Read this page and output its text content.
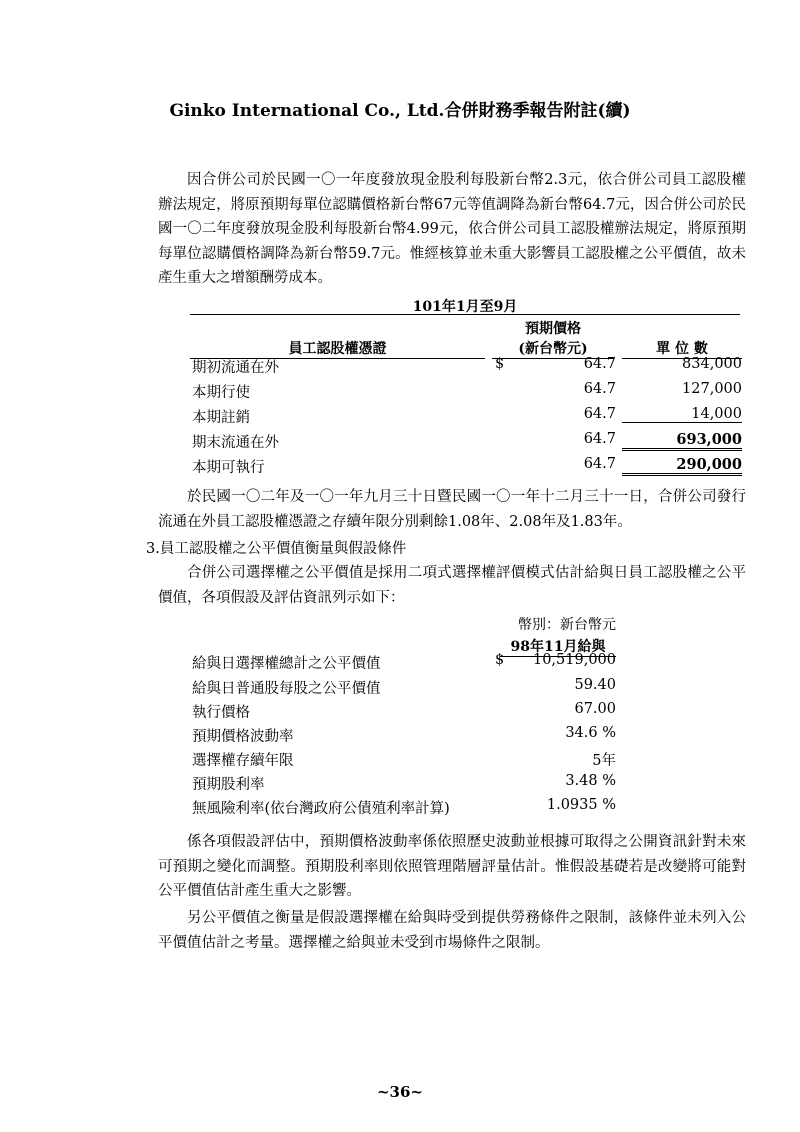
Ginko International Co., Ltd.合併財務季報告附註(續)

因合併公司於民國一〇一年度發放現金股利每股新台幣2.3元，依合併公司員工認股權辦法規定，將原預期每單位認購價格新台幣67元等值調降為新台幣64.7元，因合併公司於民國一〇二年度發放現金股利每股新台幣4.99元，依合併公司員工認股權辦法規定，將原預期每單位認購價格調降為新台幣59.7元。惟經核算並未重大影響員工認股權之公平價值，故未產生重大之增額酬勞成本。

101年1月至9月
員工認股權憑證
預期價格
(新台幣元)	單 位 數
期初流通在外	$	64.7	834,000
本期行使	64.7	127,000
本期註銷	64.7	14,000
期末流通在外	64.7	693,000
本期可執行	64.7	290,000

於民國一〇二年及一〇一年九月三十日暨民國一〇一年十二月三十一日，合併公司發行流通在外員工認股權憑證之存續年限分別剩餘1.08年、2.08年及1.83年。

3.員工認股權之公平價值衡量與假設條件

合併公司選擇權之公平價值是採用二項式選擇權評價模式估計給與日員工認股權之公平價值，各項假設及評估資訊列示如下：

幣別：新台幣元
98年11月給與
給與日選擇權總計之公平價值	$ 10,519,000
給與日普通股每股之公平價值	59.40
執行價格	67.00
預期價格波動率	34.6 %
選擇權存續年限	5年
預期股利率	3.48 %
無風險利率(依台灣政府公債殖利率計算)	1.0935 %

係各項假設評估中，預期價格波動率係依照歷史波動並根據可取得之公開資訊針對未來可預期之變化而調整。預期股利率則依照管理階層評量估計。惟假設基礎若是改變將可能對公平價值估計產生重大之影響。

另公平價值之衡量是假設選擇權在給與時受到提供勞務條件之限制，該條件並未列入公平價值估計之考量。選擇權之給與並未受到市場條件之限制。

~36~
